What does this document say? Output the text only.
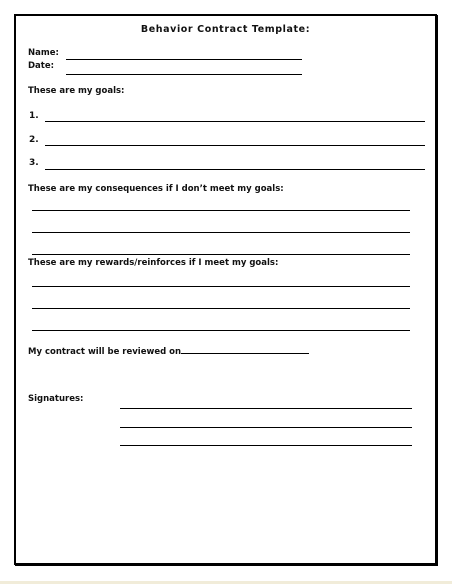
Behavior Contract Template:
Name:
Date:
These are my goals:
1.
2.
3.
These are my consequences if I don’t meet my goals:
These are my rewards/reinforces if I meet my goals:
My contract will be reviewed on
Signatures:
